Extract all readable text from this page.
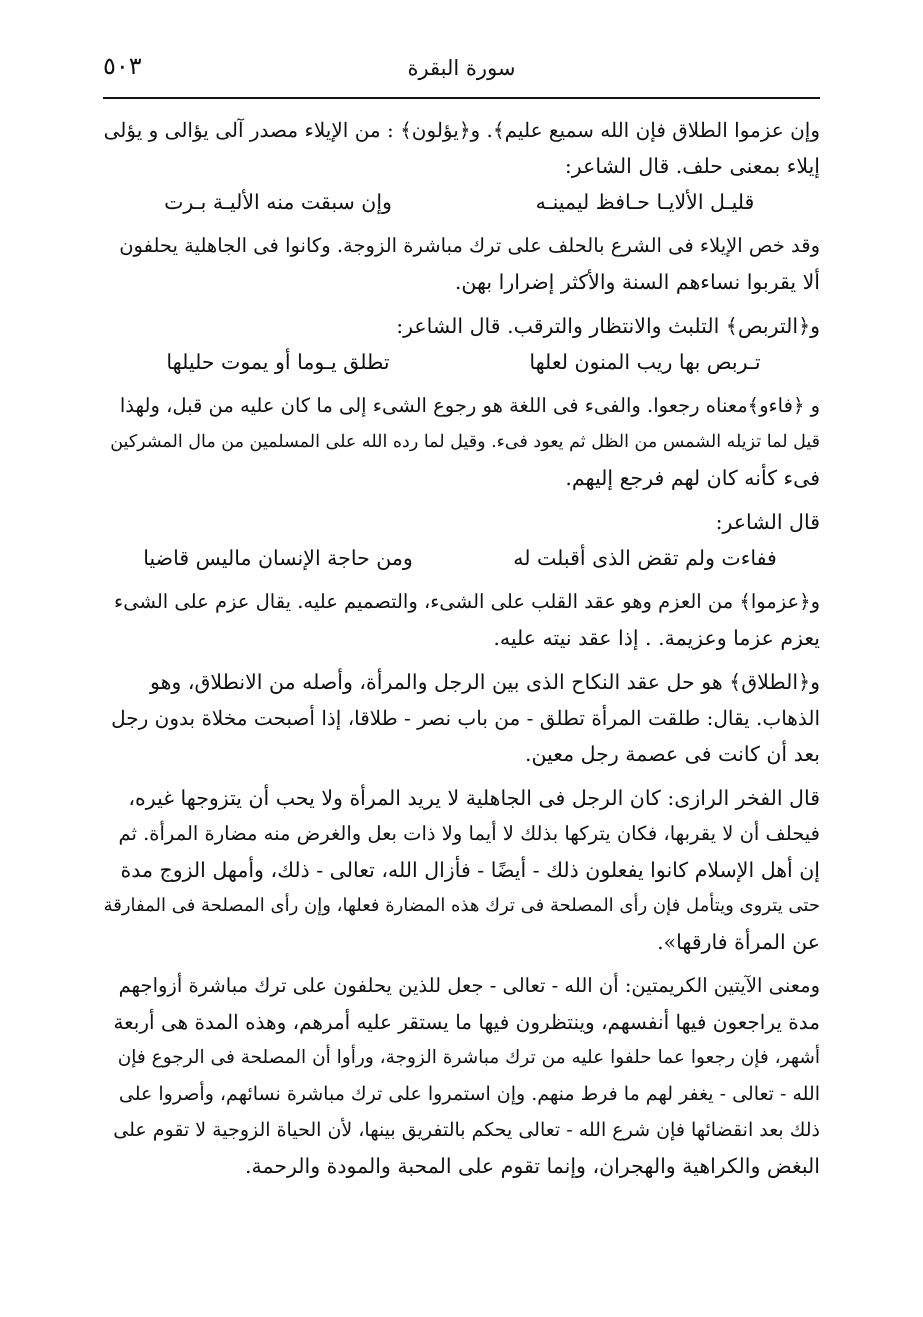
سورة البقرة
٥٠٣
وإن عزموا الطلاق فإن الله سميع عليم﴾. و﴿يؤلون﴾ : من الإيلاء مصدر آلى يؤالى و يؤلى
إيلاء بمعنى حلف. قال الشاعر:
قليـل الألايـا حـافظ ليمينـه
وإن سبقت منه الأليـة بـرت
وقد خص الإيلاء فى الشرع بالحلف على ترك مباشرة الزوجة. وكانوا فى الجاهلية يحلفون
ألا يقربوا نساءهم السنة والأكثر إضرارا بهن.
و﴿التربص﴾ التلبث والانتظار والترقب. قال الشاعر:
تـربص بها ريب المنون لعلها
تطلق يـوما أو يموت حليلها
و ﴿فاءو﴾معناه رجعوا. والفىء فى اللغة هو رجوع الشىء إلى ما كان عليه من قبل، ولهذا
قيل لما تزيله الشمس من الظل ثم يعود فىء. وقيل لما رده الله على المسلمين من مال المشركين
فىء كأنه كان لهم فرجع إليهم.
قال الشاعر:
ففاءت ولم تقض الذى أقبلت له
ومن حاجة الإنسان ماليس قاضيا
و﴿عزموا﴾ من العزم وهو عقد القلب على الشىء، والتصميم عليه. يقال عزم على الشىء
يعزم عزما وعزيمة. . إذا عقد نيته عليه.
و﴿الطلاق﴾ هو حل عقد النكاح الذى بين الرجل والمرأة، وأصله من الانطلاق، وهو
الذهاب. يقال: طلقت المرأة تطلق - من باب نصر - طلاقا، إذا أصبحت مخلاة بدون رجل
بعد أن كانت فى عصمة رجل معين.
قال الفخر الرازى: كان الرجل فى الجاهلية لا يريد المرأة ولا يحب أن يتزوجها غيره،
فيحلف أن لا يقربها، فكان يتركها بذلك لا أيما ولا ذات بعل والغرض منه مضارة المرأة. ثم
إن أهل الإسلام كانوا يفعلون ذلك - أيضًا - فأزال الله، تعالى - ذلك، وأمهل الزوج مدة
حتى يتروى ويتأمل فإن رأى المصلحة فى ترك هذه المضارة فعلها، وإن رأى المصلحة فى المفارقة
عن المرأة فارقها».
ومعنى الآيتين الكريمتين: أن الله - تعالى - جعل للذين يحلفون على ترك مباشرة أزواجهم
مدة يراجعون فيها أنفسهم، وينتظرون فيها ما يستقر عليه أمرهم، وهذه المدة هى أربعة
أشهر، فإن رجعوا عما حلفوا عليه من ترك مباشرة الزوجة، ورأوا أن المصلحة فى الرجوع فإن
الله - تعالى - يغفر لهم ما فرط منهم. وإن استمروا على ترك مباشرة نسائهم، وأصروا على
ذلك بعد انقضائها فإن شرع الله - تعالى يحكم بالتفريق بينها، لأن الحياة الزوجية لا تقوم على
البغض والكراهية والهجران، وإنما تقوم على المحبة والمودة والرحمة.
